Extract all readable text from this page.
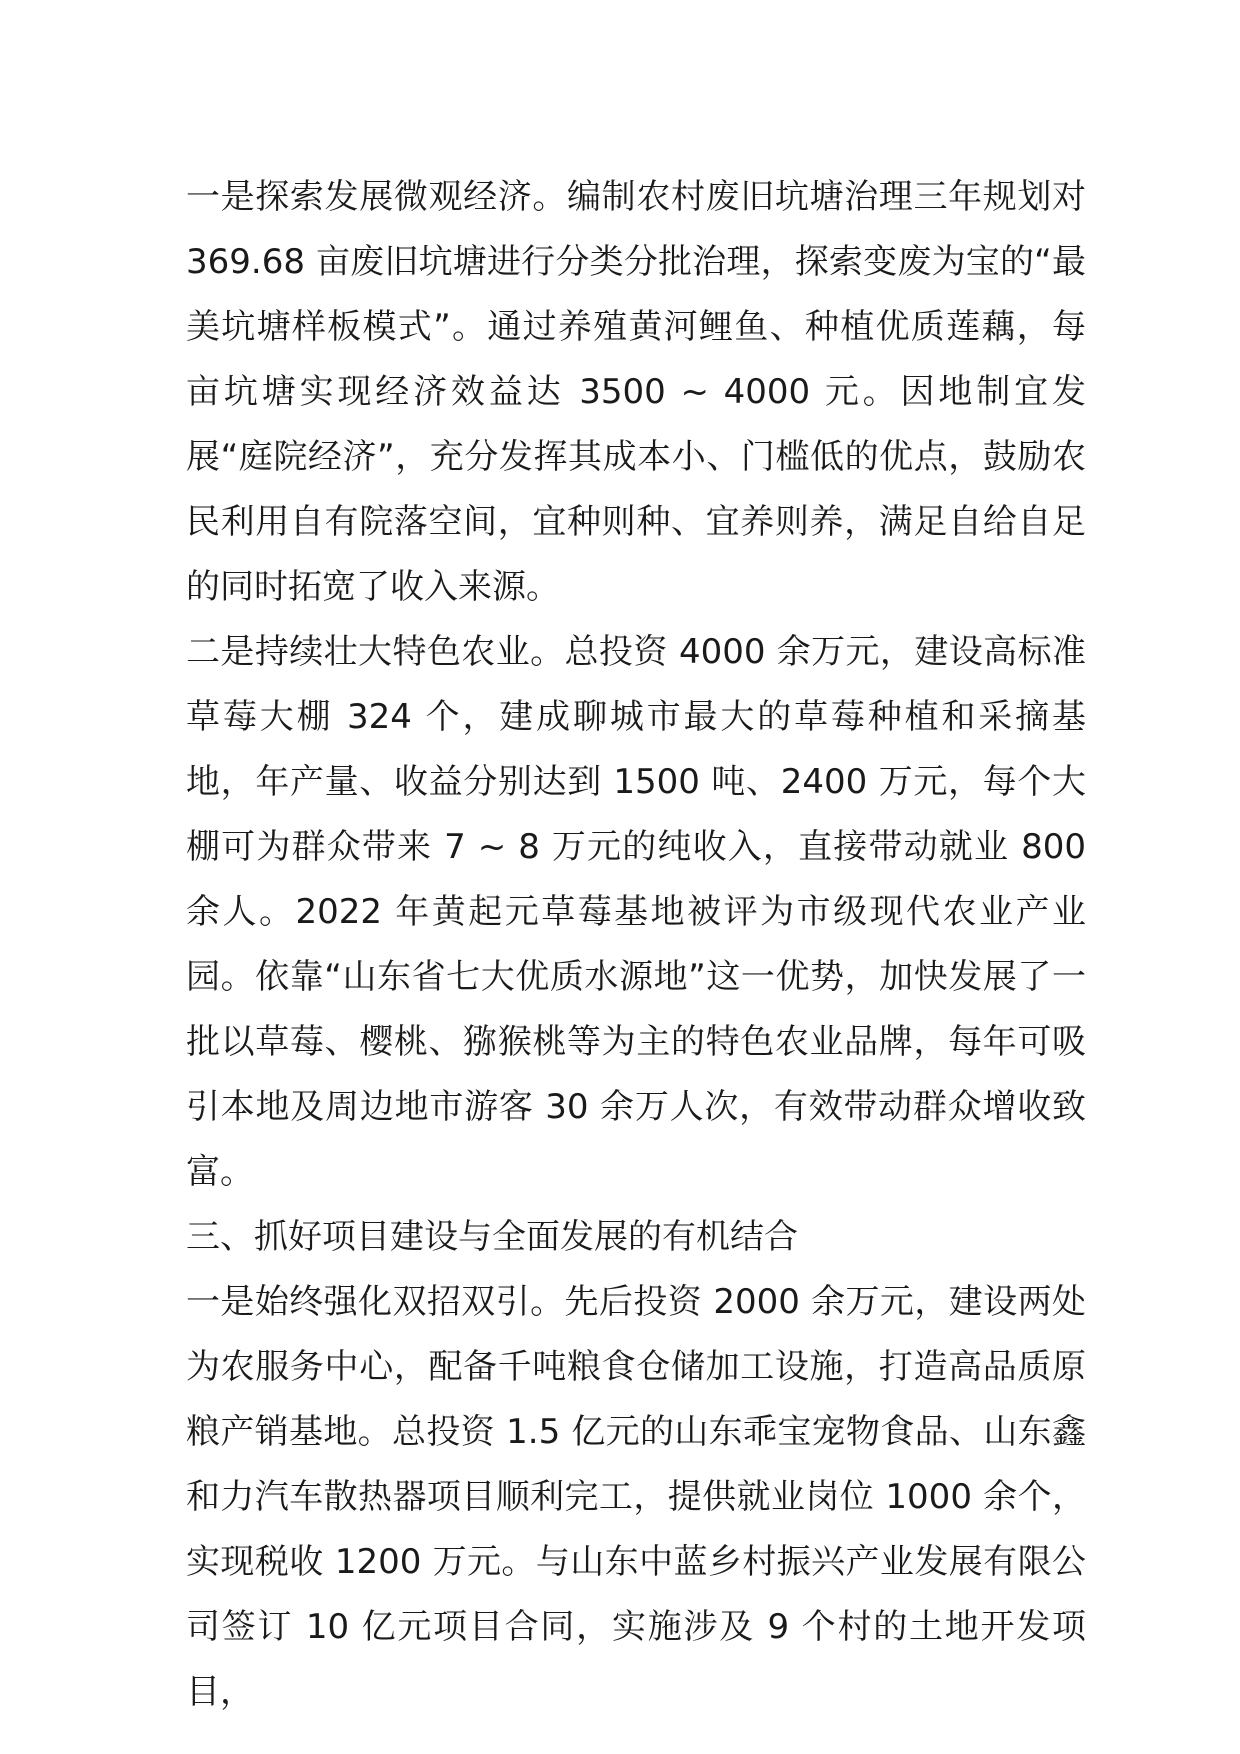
一是探索发展微观经济。编制农村废旧坑塘治理三年规划对 369.68 亩废旧坑塘进行分类分批治理，探索变废为宝的“最美坑塘样板模式”。通过养殖黄河鲤鱼、种植优质莲藕，每亩坑塘实现经济效益达 3500 ~ 4000 元。因地制宜发展“庭院经济”，充分发挥其成本小、门槛低的优点，鼓励农民利用自有院落空间，宜种则种、宜养则养，满足自给自足的同时拓宽了收入来源。

二是持续壮大特色农业。总投资 4000 余万元，建设高标准草莓大棚 324 个，建成聊城市最大的草莓种植和采摘基地，年产量、收益分别达到 1500 吨、2400 万元，每个大棚可为群众带来 7 ~ 8 万元的纯收入，直接带动就业 800 余人。2022 年黄起元草莓基地被评为市级现代农业产业园。依靠“山东省七大优质水源地”这一优势，加快发展了一批以草莓、樱桃、猕猴桃等为主的特色农业品牌，每年可吸引本地及周边地市游客 30 余万人次，有效带动群众增收致富。

三、抓好项目建设与全面发展的有机结合

一是始终强化双招双引。先后投资 2000 余万元，建设两处为农服务中心，配备千吨粮食仓储加工设施，打造高品质原粮产销基地。总投资 1.5 亿元的山东乖宝宠物食品、山东鑫和力汽车散热器项目顺利完工，提供就业岗位 1000 余个，实现税收 1200 万元。与山东中蓝乡村振兴产业发展有限公司签订 10 亿元项目合同，实施涉及 9 个村的土地开发项目，
